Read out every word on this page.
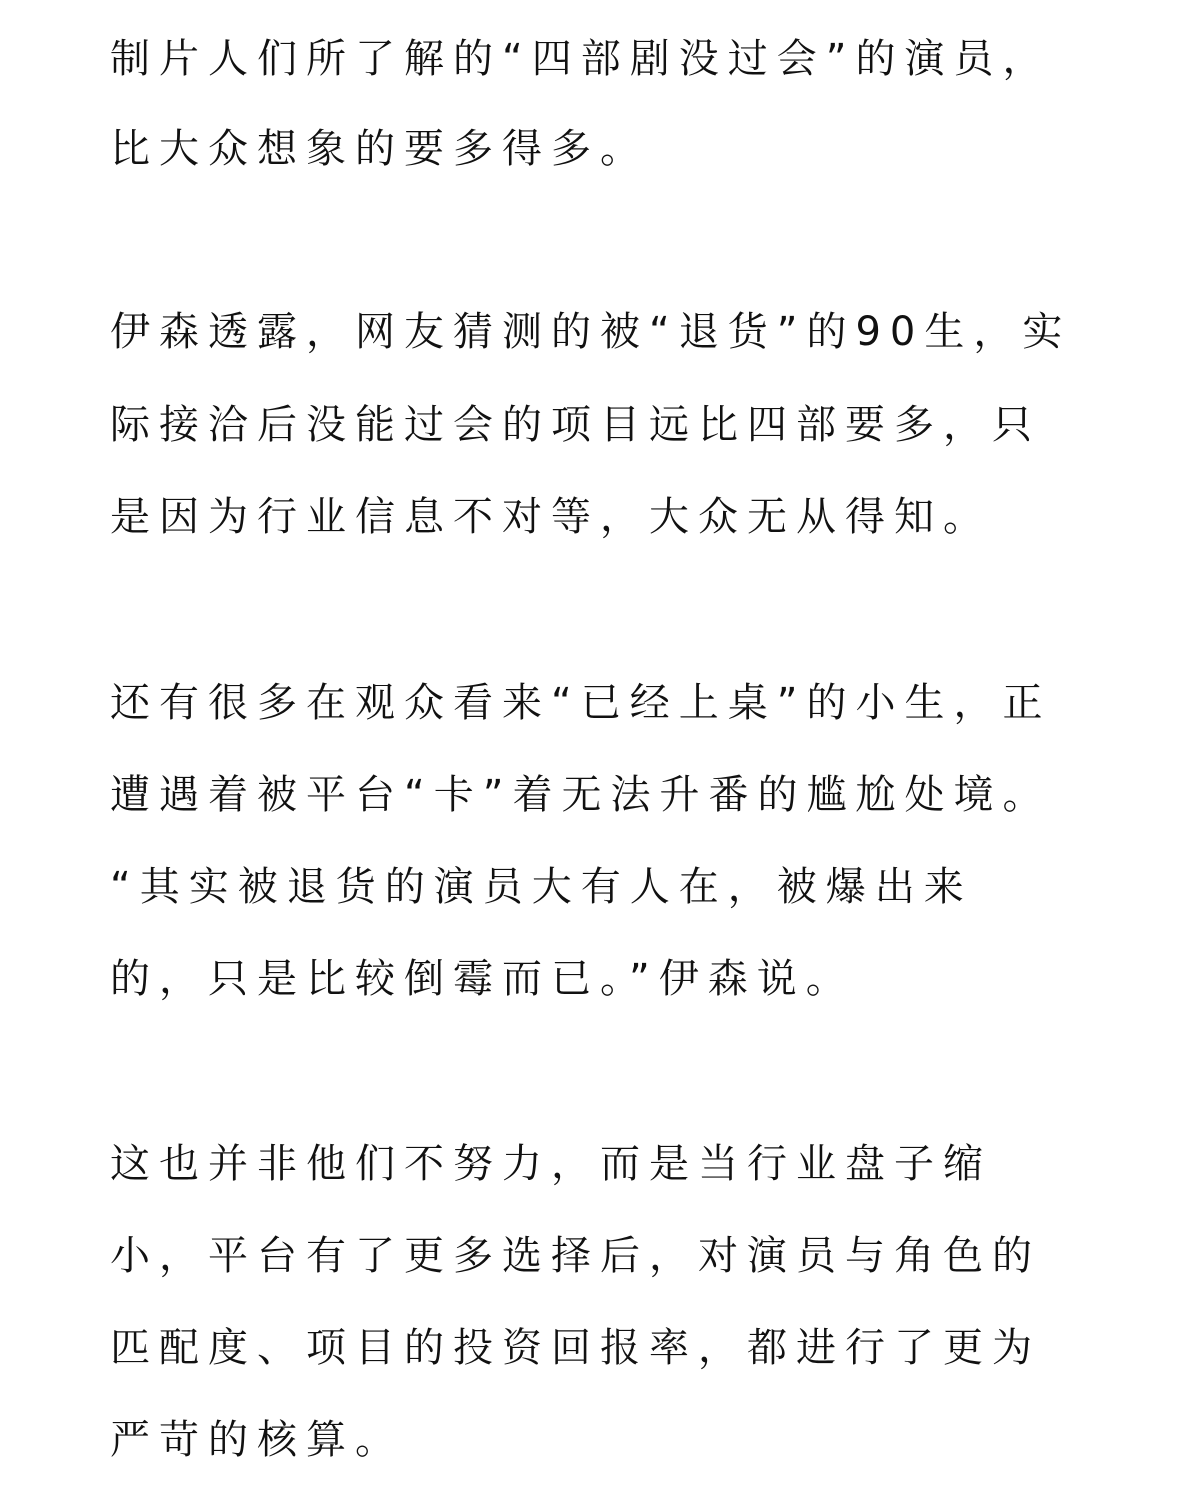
制片人们所了解的“四部剧没过会”的演员，
比大众想象的要多得多。
伊森透露，网友猜测的被“退货”的90生，实
际接洽后没能过会的项目远比四部要多，只
是因为行业信息不对等，大众无从得知。
还有很多在观众看来“已经上桌”的小生，正
遭遇着被平台“卡”着无法升番的尴尬处境。
“其实被退货的演员大有人在，被爆出来
的，只是比较倒霉而已。”伊森说。
这也并非他们不努力，而是当行业盘子缩
小，平台有了更多选择后，对演员与角色的
匹配度、项目的投资回报率，都进行了更为
严苛的核算。
